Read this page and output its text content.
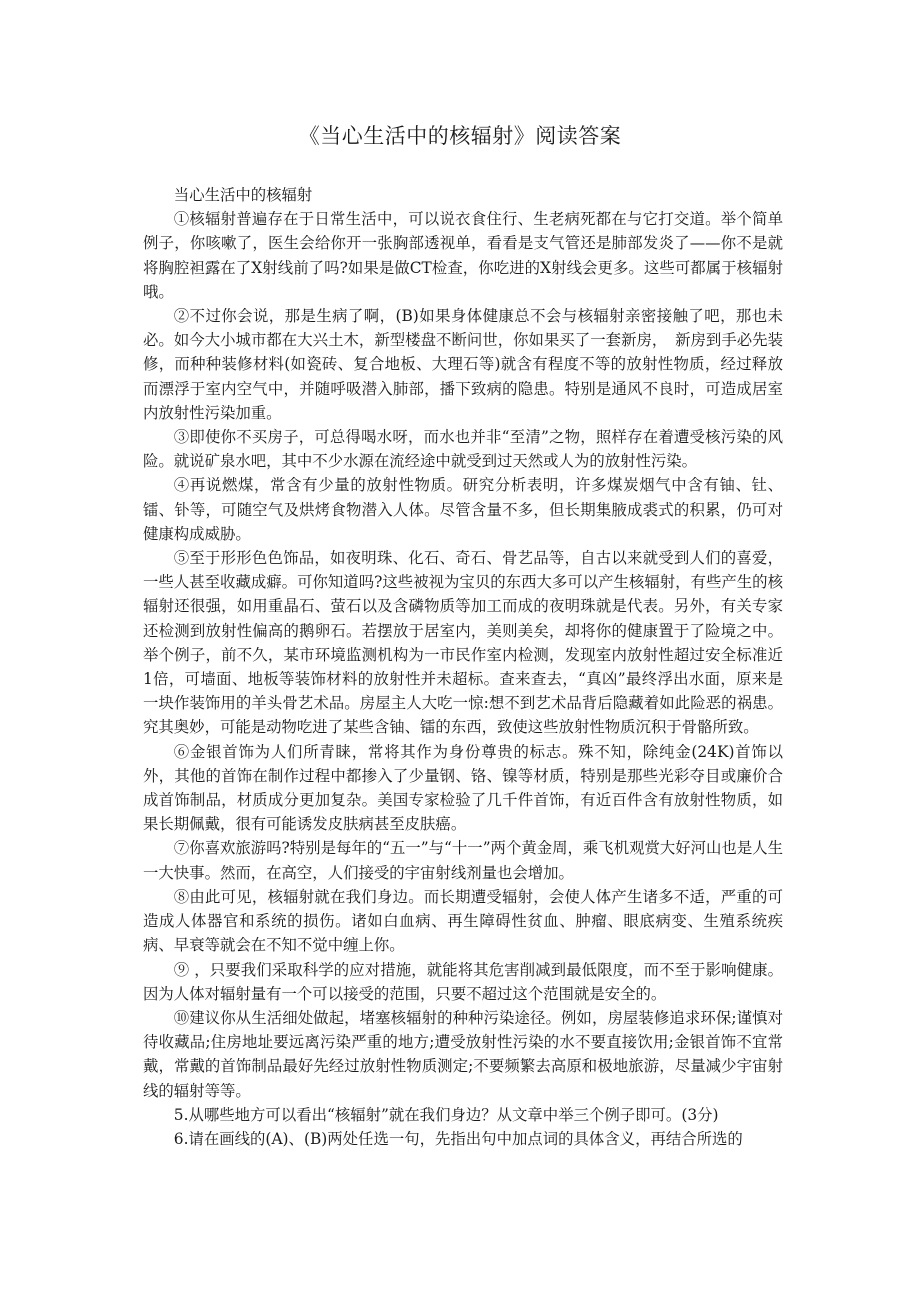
《当心生活中的核辐射》阅读答案

当心生活中的核辐射

①核辐射普遍存在于日常生活中，可以说衣食住行、生老病死都在与它打交道。举个简单例子，你咳嗽了，医生会给你开一张胸部透视单，看看是支气管还是肺部发炎了——你不是就将胸腔袒露在了X射线前了吗?如果是做CT检查，你吃进的X射线会更多。这些可都属于核辐射哦。

②不过你会说，那是生病了啊，(B)如果身体健康总不会与核辐射亲密接触了吧，那也未必。如今大小城市都在大兴土木，新型楼盘不断问世，你如果买了一套新房，　新房到手必先装修，而种种装修材料(如瓷砖、复合地板、大理石等)就含有程度不等的放射性物质，经过释放而漂浮于室内空气中，并随呼吸潜入肺部，播下致病的隐患。特别是通风不良时，可造成居室内放射性污染加重。

③即使你不买房子，可总得喝水呀，而水也并非“至清”之物，照样存在着遭受核污染的风险。就说矿泉水吧，其中不少水源在流经途中就受到过天然或人为的放射性污染。

④再说燃煤，常含有少量的放射性物质。研究分析表明，许多煤炭烟气中含有铀、钍、镭、钋等，可随空气及烘烤食物潜入人体。尽管含量不多，但长期集腋成裘式的积累，仍可对健康构成威胁。

⑤至于形形色色饰品，如夜明珠、化石、奇石、骨艺品等，自古以来就受到人们的喜爱，一些人甚至收藏成癖。可你知道吗?这些被视为宝贝的东西大多可以产生核辐射，有些产生的核辐射还很强，如用重晶石、萤石以及含磷物质等加工而成的夜明珠就是代表。另外，有关专家还检测到放射性偏高的鹅卵石。若摆放于居室内，美则美矣，却将你的健康置于了险境之中。举个例子，前不久，某市环境监测机构为一市民作室内检测，发现室内放射性超过安全标准近1倍，可墙面、地板等装饰材料的放射性并未超标。查来查去，“真凶”最终浮出水面，原来是一块作装饰用的羊头骨艺术品。房屋主人大吃一惊:想不到艺术品背后隐藏着如此险恶的祸患。究其奥妙，可能是动物吃进了某些含铀、镭的东西，致使这些放射性物质沉积于骨骼所致。

⑥金银首饰为人们所青睐，常将其作为身份尊贵的标志。殊不知，除纯金(24K)首饰以外，其他的首饰在制作过程中都掺入了少量钢、铬、镍等材质，特别是那些光彩夺目或廉价合成首饰制品，材质成分更加复杂。美国专家检验了几千件首饰，有近百件含有放射性物质，如果长期佩戴，很有可能诱发皮肤病甚至皮肤癌。

⑦你喜欢旅游吗?特别是每年的“五一”与“十一”两个黄金周，乘飞机观赏大好河山也是人生一大快事。然而，在高空，人们接受的宇宙射线剂量也会增加。

⑧由此可见，核辐射就在我们身边。而长期遭受辐射，会使人体产生诸多不适，严重的可造成人体器官和系统的损伤。诸如白血病、再生障碍性贫血、肿瘤、眼底病变、生殖系统疾病、早衰等就会在不知不觉中缠上你。

⑨ ，只要我们采取科学的应对措施，就能将其危害削减到最低限度，而不至于影响健康。因为人体对辐射量有一个可以接受的范围，只要不超过这个范围就是安全的。

⑩建议你从生活细处做起，堵塞核辐射的种种污染途径。例如，房屋装修追求环保;谨慎对待收藏品;住房地址要远离污染严重的地方;遭受放射性污染的水不要直接饮用;金银首饰不宜常戴，常戴的首饰制品最好先经过放射性物质测定;不要频繁去高原和极地旅游，尽量减少宇宙射线的辐射等等。

5.从哪些地方可以看出“核辐射”就在我们身边？从文章中举三个例子即可。(3分)

6.请在画线的(A)、(B)两处任选一句，先指出句中加点词的具体含义，再结合所选的
